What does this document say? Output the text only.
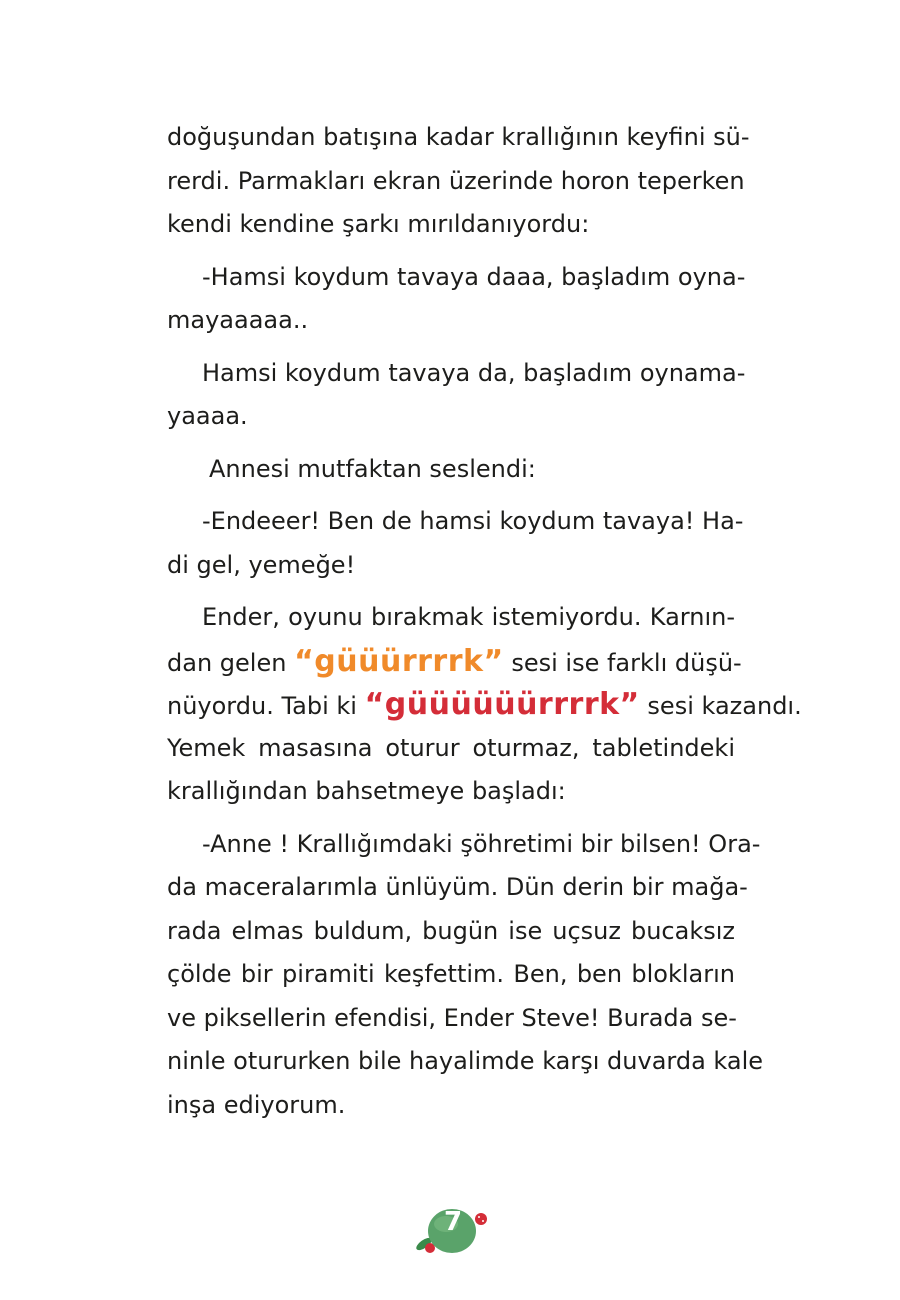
doğuşundan batışına kadar krallığının keyfini sü-
rerdi. Parmakları ekran üzerinde horon teperken
kendi kendine şarkı mırıldanıyordu:
-Hamsi koydum tavaya daaa, başladım oyna-
mayaaaaa..
Hamsi koydum tavaya da, başladım oynama-
yaaaa.
Annesi mutfaktan seslendi:
-Endeeer! Ben de hamsi koydum tavaya! Ha-
di gel, yemeğe!
Ender, oyunu bırakmak istemiyordu. Karnın-
dan gelen “güüürrrrk” sesi ise farklı düşü-
nüyordu. Tabi ki “güüüüüürrrrk” sesi kazandı.
Yemek masasına oturur oturmaz, tabletindeki
krallığından bahsetmeye başladı:
-Anne ! Krallığımdaki şöhretimi bir bilsen! Ora-
da maceralarımla ünlüyüm. Dün derin bir mağa-
rada elmas buldum, bugün ise uçsuz bucaksız
çölde bir piramiti keşfettim. Ben, ben blokların
ve piksellerin efendisi, Ender Steve! Burada se-
ninle otururken bile hayalimde karşı duvarda kale
inşa ediyorum.
7
